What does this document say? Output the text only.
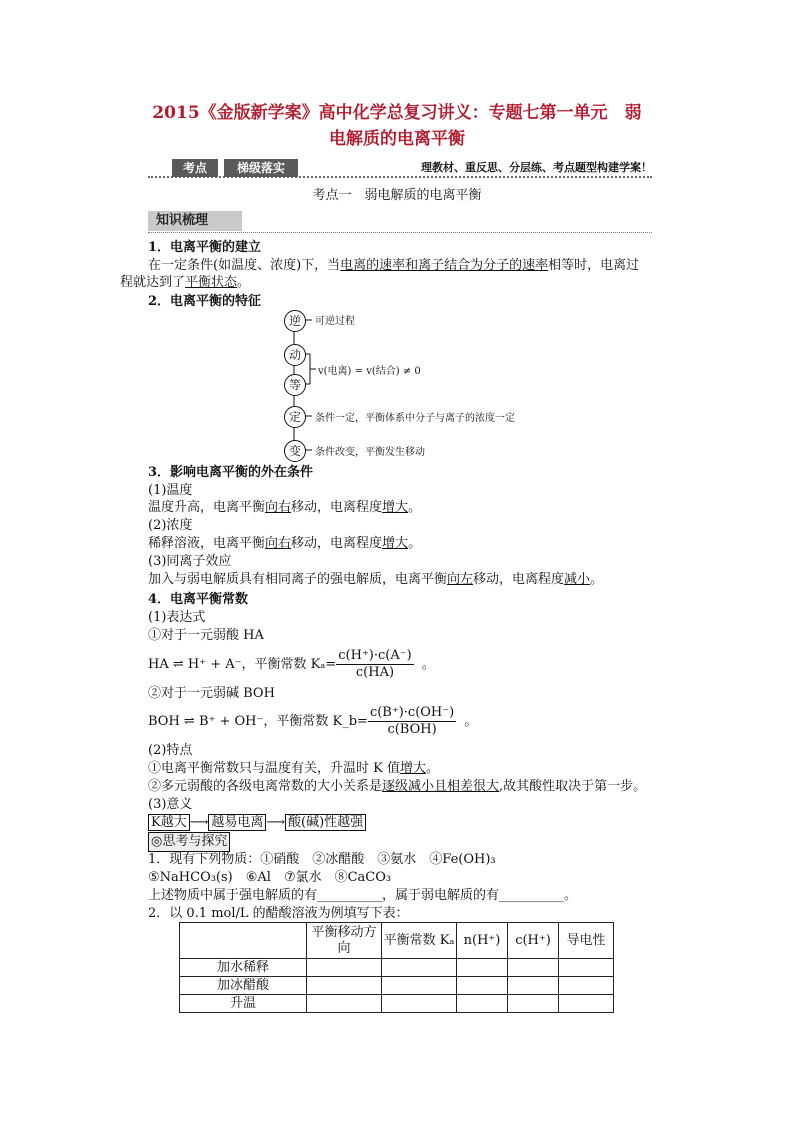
2015《金版新学案》高中化学总复习讲义：专题七第一单元　弱
电解质的电离平衡
考点	梯级落实	理教材、重反思、分层练、考点题型构建学案！
考点一　弱电解质的电离平衡
知识梳理
1．电离平衡的建立
在一定条件(如温度、浓度)下，当电离的速率和离子结合为分子的速率相等时，电离过
程就达到了平衡状态。
2．电离平衡的特征
逆
动
等
定
变
可逆过程
v(电离) = v(结合) ≠ 0
条件一定，平衡体系中分子与离子的浓度一定
条件改变，平衡发生移动
3．影响电离平衡的外在条件
(1)温度
温度升高，电离平衡向右移动，电离程度增大。
(2)浓度
稀释溶液，电离平衡向右移动，电离程度增大。
(3)同离子效应
加入与弱电解质具有相同离子的强电解质，电离平衡向左移动，电离程度减小。
4．电离平衡常数
(1)表达式
①对于一元弱酸 HA
HA ⇌ H⁺ + A⁻，平衡常数 $K_a= \frac{c(H^+)\cdot c(A^-)}{c(HA)}$ 。
②对于一元弱碱 BOH
BOH ⇌ B⁺ + OH⁻，平衡常数 K_b= $\frac{c(B^+)\cdot c(OH^-)}{\text{c(BOH)}}$ 。
(2)特点
①电离平衡常数只与温度有关，升温时 K 值增大。
②多元弱酸的各级电离常数的大小关系是逐级减小且相差很大,故其酸性取决于第一步。
(3)意义
K越大 ⟶ 越易电离 ⟶ 酸(碱)性越强
◎思考与探究
1．现有下列物质：①硝酸　②冰醋酸　③氨水　④Fe(OH)₃
⑤NaHCO₃(s)　⑥Al　⑦氯水　⑧CaCO₃
上述物质中属于强电解质的有__________，属于弱电解质的有__________。
2．以 0.1 mol/L 的醋酸溶液为例填写下表：
	平衡移动方向	平衡常数 Kₐ	n(H⁺)	c(H⁺)	导电性
加水稀释					
加冰醋酸					
升温					
